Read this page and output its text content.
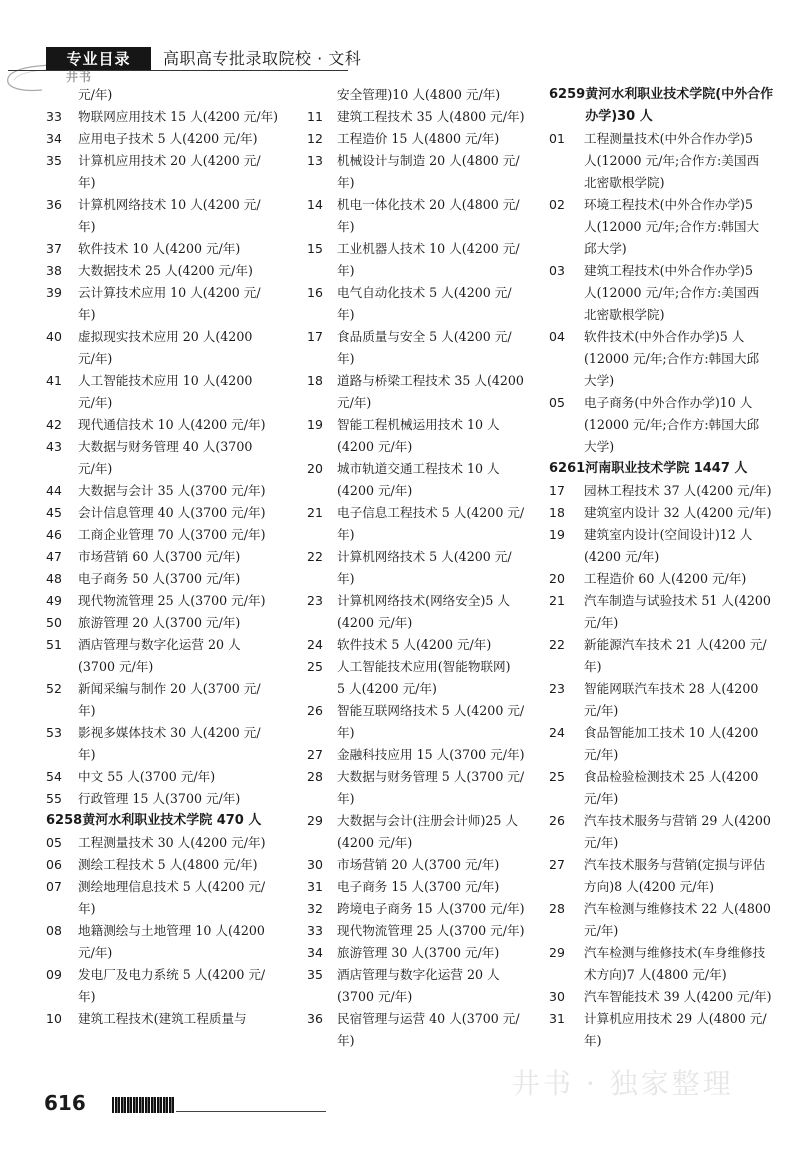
专业目录	高职高专批录取院校 · 文科
井书
元/年)
33	物联网应用技术 15 人(4200 元/年)
34	应用电子技术 5 人(4200 元/年)
35	计算机应用技术 20 人(4200 元/
年)
36	计算机网络技术 10 人(4200 元/
年)
37	软件技术 10 人(4200 元/年)
38	大数据技术 25 人(4200 元/年)
39	云计算技术应用 10 人(4200 元/
年)
40	虚拟现实技术应用 20 人(4200
元/年)
41	人工智能技术应用 10 人(4200
元/年)
42	现代通信技术 10 人(4200 元/年)
43	大数据与财务管理 40 人(3700
元/年)
44	大数据与会计 35 人(3700 元/年)
45	会计信息管理 40 人(3700 元/年)
46	工商企业管理 70 人(3700 元/年)
47	市场营销 60 人(3700 元/年)
48	电子商务 50 人(3700 元/年)
49	现代物流管理 25 人(3700 元/年)
50	旅游管理 20 人(3700 元/年)
51	酒店管理与数字化运营 20 人
(3700 元/年)
52	新闻采编与制作 20 人(3700 元/
年)
53	影视多媒体技术 30 人(4200 元/
年)
54	中文 55 人(3700 元/年)
55	行政管理 15 人(3700 元/年)
6258 黄河水利职业技术学院 470 人
05	工程测量技术 30 人(4200 元/年)
06	测绘工程技术 5 人(4800 元/年)
07	测绘地理信息技术 5 人(4200 元/
年)
08	地籍测绘与土地管理 10 人(4200
元/年)
09	发电厂及电力系统 5 人(4200 元/
年)
10	建筑工程技术(建筑工程质量与
安全管理)10 人(4800 元/年)
11	建筑工程技术 35 人(4800 元/年)
12	工程造价 15 人(4800 元/年)
13	机械设计与制造 20 人(4800 元/
年)
14	机电一体化技术 20 人(4800 元/
年)
15	工业机器人技术 10 人(4200 元/
年)
16	电气自动化技术 5 人(4200 元/
年)
17	食品质量与安全 5 人(4200 元/
年)
18	道路与桥梁工程技术 35 人(4200
元/年)
19	智能工程机械运用技术 10 人
(4200 元/年)
20	城市轨道交通工程技术 10 人
(4200 元/年)
21	电子信息工程技术 5 人(4200 元/
年)
22	计算机网络技术 5 人(4200 元/
年)
23	计算机网络技术(网络安全)5 人
(4200 元/年)
24	软件技术 5 人(4200 元/年)
25	人工智能技术应用(智能物联网)
5 人(4200 元/年)
26	智能互联网络技术 5 人(4200 元/
年)
27	金融科技应用 15 人(3700 元/年)
28	大数据与财务管理 5 人(3700 元/
年)
29	大数据与会计(注册会计师)25 人
(4200 元/年)
30	市场营销 20 人(3700 元/年)
31	电子商务 15 人(3700 元/年)
32	跨境电子商务 15 人(3700 元/年)
33	现代物流管理 25 人(3700 元/年)
34	旅游管理 30 人(3700 元/年)
35	酒店管理与数字化运营 20 人
(3700 元/年)
36	民宿管理与运营 40 人(3700 元/
年)
6259 黄河水利职业技术学院(中外合作
办学)30 人
01	工程测量技术(中外合作办学)5
人(12000 元/年;合作方:美国西
北密歇根学院)
02	环境工程技术(中外合作办学)5
人(12000 元/年;合作方:韩国大
邱大学)
03	建筑工程技术(中外合作办学)5
人(12000 元/年;合作方:美国西
北密歇根学院)
04	软件技术(中外合作办学)5 人
(12000 元/年;合作方:韩国大邱
大学)
05	电子商务(中外合作办学)10 人
(12000 元/年;合作方:韩国大邱
大学)
6261 河南职业技术学院 1447 人
17	园林工程技术 37 人(4200 元/年)
18	建筑室内设计 32 人(4200 元/年)
19	建筑室内设计(空间设计)12 人
(4200 元/年)
20	工程造价 60 人(4200 元/年)
21	汽车制造与试验技术 51 人(4200
元/年)
22	新能源汽车技术 21 人(4200 元/
年)
23	智能网联汽车技术 28 人(4200
元/年)
24	食品智能加工技术 10 人(4200
元/年)
25	食品检验检测技术 25 人(4200
元/年)
26	汽车技术服务与营销 29 人(4200
元/年)
27	汽车技术服务与营销(定损与评估
方向)8 人(4200 元/年)
28	汽车检测与维修技术 22 人(4800
元/年)
29	汽车检测与维修技术(车身维修技
术方向)7 人(4800 元/年)
30	汽车智能技术 39 人(4200 元/年)
31	计算机应用技术 29 人(4800 元/
年)
616
井书 · 独家整理
